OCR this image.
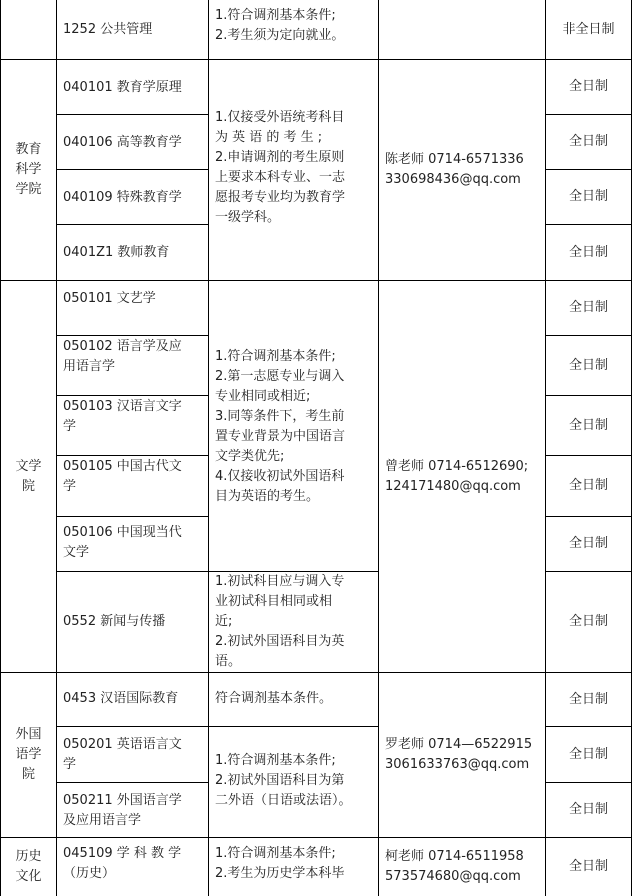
1252 公共管理
1.符合调剂基本条件;
2.考生须为定向就业。	非全日制
教育
科学
学院
040101 教育学原理
040106 高等教育学
040109 特殊教育学
0401Z1 教师教育
1.仅接受外语统考科目
为 英 语 的 考 生 ;
2.申请调剂的考生原则
上要求本科专业、一志
愿报考专业均为教育学
一级学科。
陈老师 0714-6571336
330698436@qq.com
全日制
全日制
全日制
全日制
文学
院
050101 文艺学
050102 语言学及应
用语言学
050103 汉语言文字
学
050105 中国古代文
学
050106 中国现当代
文学
0552 新闻与传播
1.符合调剂基本条件;
2.第一志愿专业与调入
专业相同或相近;
3.同等条件下，考生前
置专业背景为中国语言
文学类优先;
4.仅接收初试外国语科
目为英语的考生。
1.初试科目应与调入专
业初试科目相同或相
近;
2.初试外国语科目为英
语。
曾老师 0714-6512690;
124171480@qq.com
全日制
全日制
全日制
全日制
全日制
全日制
外国
语学
院
0453 汉语国际教育
050201 英语语言文
学
050211 外国语言学
及应用语言学
符合调剂基本条件。
1.符合调剂基本条件;
2.初试外国语科目为第
二外语（日语或法语）。
罗老师 0714—6522915
3061633763@qq.com
全日制
全日制
全日制
历史
文化
045109 学 科 教 学
（历史）
1.符合调剂基本条件;
2.考生为历史学本科毕
柯老师 0714-6511958
573574680@qq.com
全日制
